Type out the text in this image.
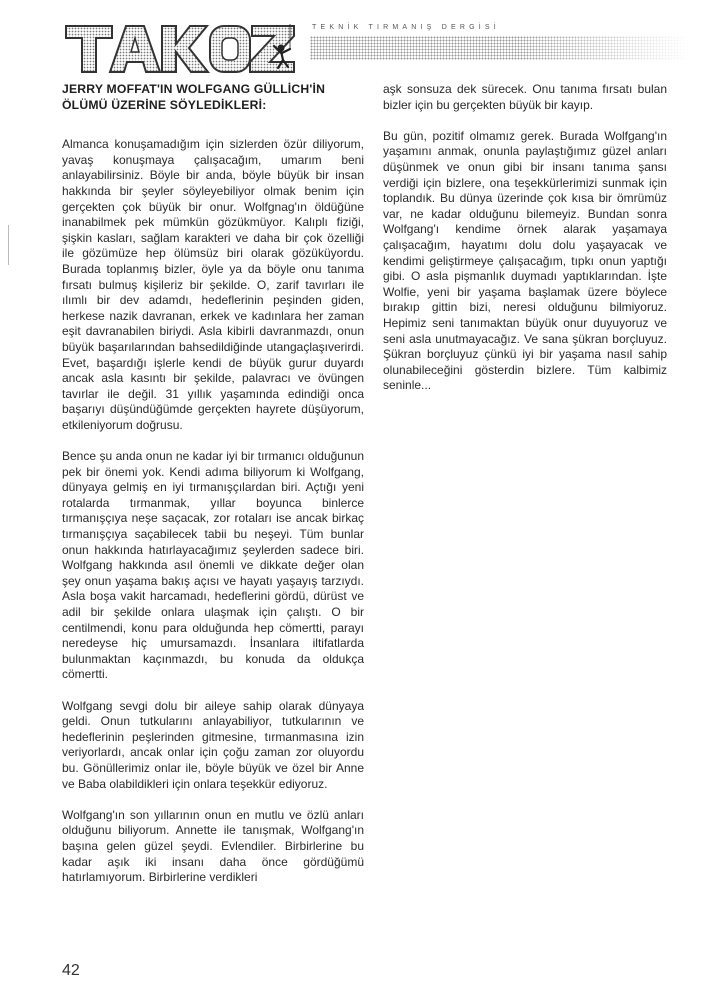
TEKNİK TIRMANIŞ DERGİSİ
JERRY MOFFAT'IN WOLFGANG GÜLLİCH'İN
ÖLÜMÜ ÜZERİNE SÖYLEDİKLERİ:

Almanca konuşamadığım için sizlerden özür diliyorum, yavaş konuşmaya çalışacağım, umarım beni anlayabilirsiniz. Böyle bir anda, böyle büyük bir insan hakkında bir şeyler söyleyebiliyor olmak benim için gerçekten çok büyük bir onur. Wolfgnag'ın öldüğüne inanabilmek pek mümkün gözükmüyor. Kalıplı fiziği, şişkin kasları, sağlam karakteri ve daha bir çok özelliği ile gözümüze hep ölümsüz biri olarak gözüküyordu. Burada toplanmış bizler, öyle ya da böyle onu tanıma fırsatı bulmuş kişileriz bir şekilde. O, zarif tavırları ile ılımlı bir dev adamdı, hedeflerinin peşinden giden, herkese nazik davranan, erkek ve kadınlara her zaman eşit davranabilen biriydi. Asla kibirli davranmazdı, onun büyük başarılarından bahsedildiğinde utangaçlaşıverirdi. Evet, başardığı işlerle kendi de büyük gurur duyardı ancak asla kasıntı bir şekilde, palavracı ve övüngen tavırlar ile değil. 31 yıllık yaşamında edindiği onca başarıyı düşündüğümde gerçekten hayrete düşüyorum, etkileniyorum doğrusu.

Bence şu anda onun ne kadar iyi bir tırmanıcı olduğunun pek bir önemi yok. Kendi adıma biliyorum ki Wolfgang, dünyaya gelmiş en iyi tırmanışçılardan biri. Açtığı yeni rotalarda tırmanmak, yıllar boyunca binlerce tırmanışçıya neşe saçacak, zor rotaları ise ancak birkaç tırmanışçıya saçabilecek tabii bu neşeyi. Tüm bunlar onun hakkında hatırlayacağımız şeylerden sadece biri. Wolfgang hakkında asıl önemli ve dikkate değer olan şey onun yaşama bakış açısı ve hayatı yaşayış tarzıydı. Asla boşa vakit harcamadı, hedeflerini gördü, dürüst ve adil bir şekilde onlara ulaşmak için çalıştı. O bir centilmendi, konu para olduğunda hep cömertti, parayı neredeyse hiç umursamazdı. İnsanlara iltifatlarda bulunmaktan kaçınmazdı, bu konuda da oldukça cömertti.

Wolfgang sevgi dolu bir aileye sahip olarak dünyaya geldi. Onun tutkularını anlayabiliyor, tutkularının ve hedeflerinin peşlerinden gitmesine, tırmanmasına izin veriyorlardı, ancak onlar için çoğu zaman zor oluyordu bu. Gönüllerimiz onlar ile, böyle büyük ve özel bir Anne ve Baba olabildikleri için onlara teşekkür ediyoruz.

Wolfgang'ın son yıllarının onun en mutlu ve özlü anları olduğunu biliyorum. Annette ile tanışmak, Wolfgang'ın başına gelen güzel şeydi. Evlendiler. Birbirlerine bu kadar aşık iki insanı daha önce gördüğümü hatırlamıyorum. Birbirlerine verdikleri

aşk sonsuza dek sürecek. Onu tanıma fırsatı bulan bizler için bu gerçekten büyük bir kayıp.

Bu gün, pozitif olmamız gerek. Burada Wolfgang'ın yaşamını anmak, onunla paylaştığımız güzel anları düşünmek ve onun gibi bir insanı tanıma şansı verdiği için bizlere, ona teşekkürlerimizi sunmak için toplandık. Bu dünya üzerinde çok kısa bir ömrümüz var, ne kadar olduğunu bilemeyiz. Bundan sonra Wolfgang'ı kendime örnek alarak yaşamaya çalışacağım, hayatımı dolu dolu yaşayacak ve kendimi geliştirmeye çalışacağım, tıpkı onun yaptığı gibi. O asla pişmanlık duymadı yaptıklarından. İşte Wolfie, yeni bir yaşama başlamak üzere böylece bırakıp gittin bizi, neresi olduğunu bilmiyoruz. Hepimiz seni tanımaktan büyük onur duyuyoruz ve seni asla unutmayacağız. Ve sana şükran borçluyuz. Şükran borçluyuz çünkü iyi bir yaşama nasıl sahip olunabileceğini gösterdin bizlere. Tüm kalbimiz seninle...

42
